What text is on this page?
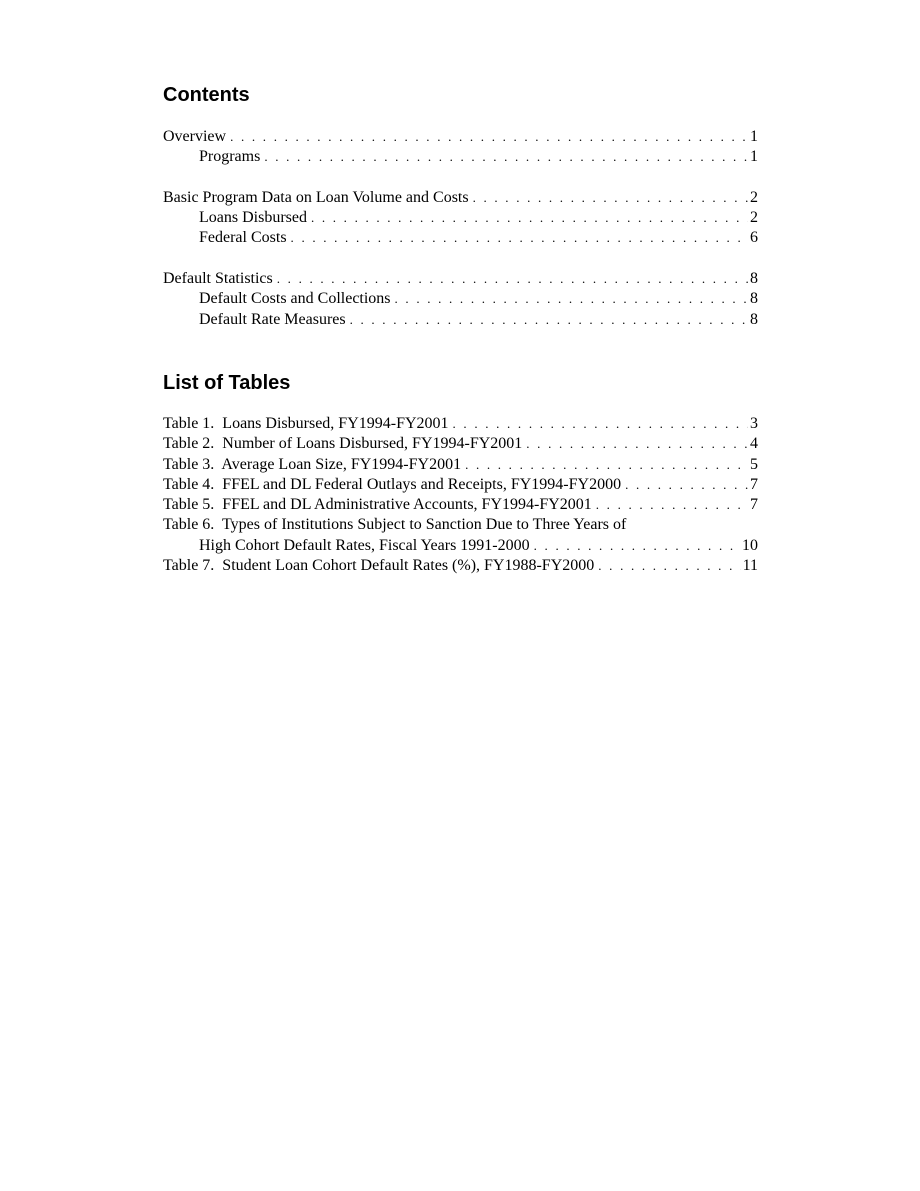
Contents
Overview . . .	1
Programs . . .	1
Basic Program Data on Loan Volume and Costs . . .	2
Loans Disbursed . . .	2
Federal Costs . . .	6
Default Statistics . . .	8
Default Costs and Collections . . .	8
Default Rate Measures . . .	8
List of Tables
Table 1.  Loans Disbursed, FY1994-FY2001 . . .	3
Table 2.  Number of Loans Disbursed, FY1994-FY2001 . . .	4
Table 3.  Average Loan Size, FY1994-FY2001 . . .	5
Table 4.  FFEL and DL Federal Outlays and Receipts, FY1994-FY2000 . . .	7
Table 5.  FFEL and DL Administrative Accounts, FY1994-FY2001 . . .	7
Table 6.  Types of Institutions Subject to Sanction Due to Three Years of
High Cohort Default Rates, Fiscal Years 1991-2000 . . .	10
Table 7.  Student Loan Cohort Default Rates (%), FY1988-FY2000 . . .	11
